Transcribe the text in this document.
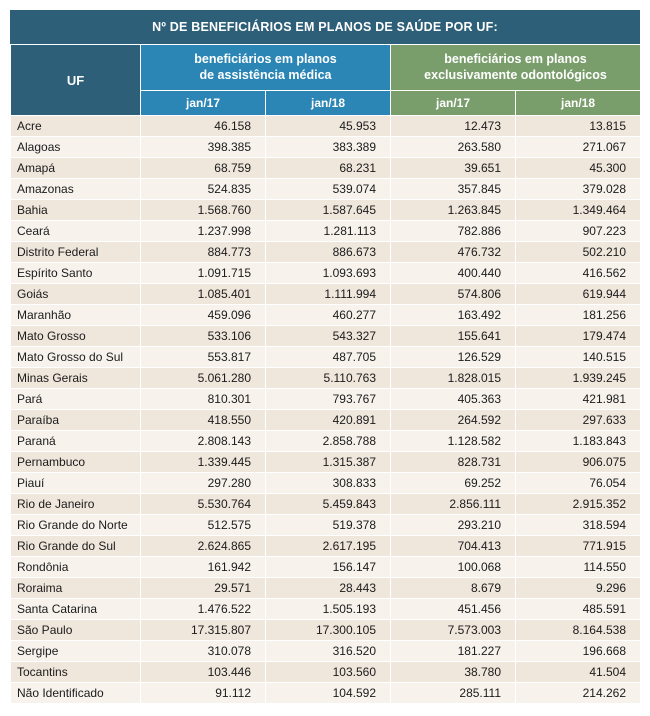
Nº DE BENEFICIÁRIOS EM PLANOS DE SAÚDE POR UF:
UF	
beneficiários em planos
de assistência médica

beneficiários em planos
exclusivamente odontológicos

	jan/17	jan/18	jan/17	jan/18
Acre	46.158	45.953	12.473	13.815
Alagoas	398.385	383.389	263.580	271.067
Amapá	68.759	68.231	39.651	45.300
Amazonas	524.835	539.074	357.845	379.028
Bahia	1.568.760	1.587.645	1.263.845	1.349.464
Ceará	1.237.998	1.281.113	782.886	907.223
Distrito Federal	884.773	886.673	476.732	502.210
Espírito Santo	1.091.715	1.093.693	400.440	416.562
Goiás	1.085.401	1.111.994	574.806	619.944
Maranhão	459.096	460.277	163.492	181.256
Mato Grosso	533.106	543.327	155.641	179.474
Mato Grosso do Sul	553.817	487.705	126.529	140.515
Minas Gerais	5.061.280	5.110.763	1.828.015	1.939.245
Pará	810.301	793.767	405.363	421.981
Paraíba	418.550	420.891	264.592	297.633
Paraná	2.808.143	2.858.788	1.128.582	1.183.843
Pernambuco	1.339.445	1.315.387	828.731	906.075
Piauí	297.280	308.833	69.252	76.054
Rio de Janeiro	5.530.764	5.459.843	2.856.111	2.915.352
Rio Grande do Norte	512.575	519.378	293.210	318.594
Rio Grande do Sul	2.624.865	2.617.195	704.413	771.915
Rondônia	161.942	156.147	100.068	114.550
Roraima	29.571	28.443	8.679	9.296
Santa Catarina	1.476.522	1.505.193	451.456	485.591
São Paulo	17.315.807	17.300.105	7.573.003	8.164.538
Sergipe	310.078	316.520	181.227	196.668
Tocantins	103.446	103.560	38.780	41.504
Não Identificado	91.112	104.592	285.111	214.262
